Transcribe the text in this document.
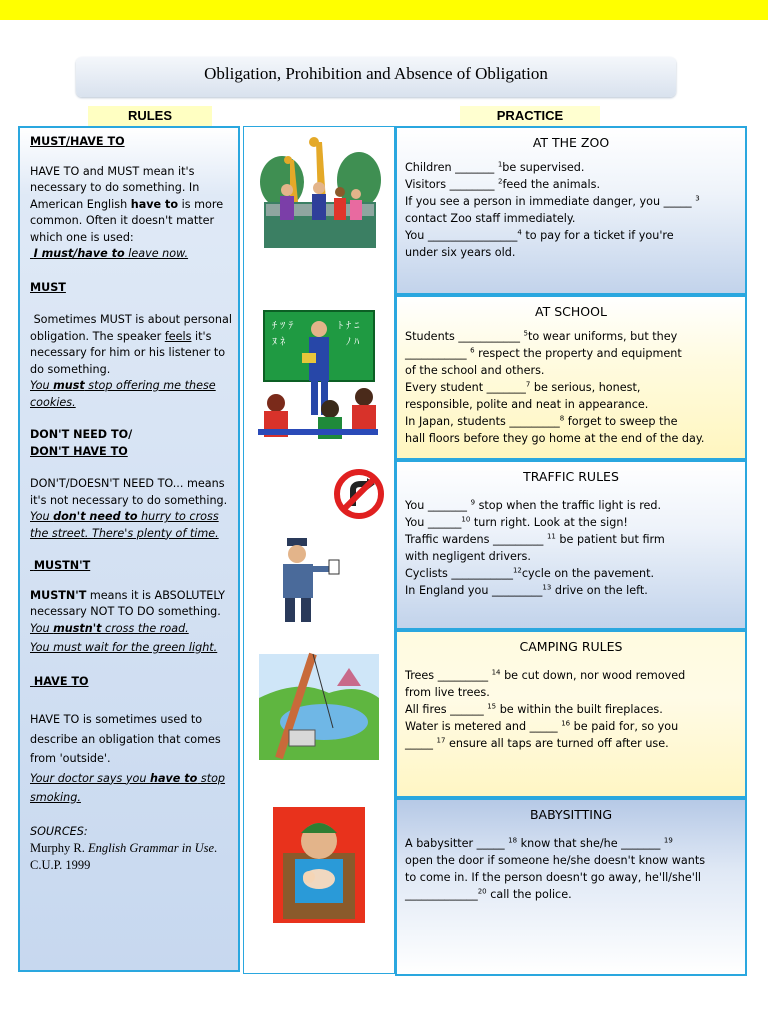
Obligation, Prohibition and Absence of Obligation
RULES	PRACTICE

MUST/HAVE TO

HAVE TO and MUST mean it's necessary to do something. In American English have to is more common. Often it doesn't matter which one is used:

I must/have to leave now.

MUST

Sometimes MUST is about personal obligation. The speaker feels it's necessary for him or his listener to do something.

You must stop offering me these cookies.

DON'T NEED TO/

DON'T HAVE TO

DON'T/DOESN'T NEED TO... means it's not necessary to do something.

You don't need to hurry to cross the street. There's plenty of time.

MUSTN'T

MUSTN'T means it is ABSOLUTELY necessary NOT TO DO something.

You mustn't cross the road.

You must wait for the green light.

HAVE TO

HAVE TO is sometimes used to describe an obligation that comes from 'outside'.

Your doctor says you have to stop smoking.

SOURCES:

Murphy R. English Grammar in Use. C.U.P. 1999

ﾁ ﾂ ﾃ	ﾄ ﾅ ﾆ
ﾇ ﾈ	ﾉ ﾊ
AT THE ZOO
Children _______ $^1$be supervised.
Visitors ________ $^2$feed the animals.
If you see a person in immediate danger, you _____ $^3$
contact Zoo staff immediately.
You ________________$^4$ to pay for a ticket if you're
under six years old.
AT SCHOOL
Students ___________ $^5$to wear uniforms, but they
___________ $^6$ respect the property and equipment
of the school and others.
Every student _______$^7$ be serious, honest,
responsible, polite and neat in appearance.
In Japan, students _________$^8$ forget to sweep the
hall floors before they go home at the end of the day.
TRAFFIC RULES
You _______ $^9$ stop when the traffic light is red.
You ______$^{10}$ turn right. Look at the sign!
Traffic wardens _________ $^{11}$ be patient but firm
with negligent drivers.
Cyclists ___________$^{12}$cycle on the pavement.
In England you _________$^{13}$ drive on the left.
CAMPING RULES
Trees _________ $^{14}$ be cut down, nor wood removed
from live trees.
All fires ______ $^{15}$ be within the built fireplaces.
Water is metered and _____ $^{16}$ be paid for, so you
_____ $^{17}$ ensure all taps are turned off after use.
BABYSITTING
A babysitter _____ $^{18}$ know that she/he _______ $^{19}$
open the door if someone he/she doesn't know wants
to come in. If the person doesn't go away, he'll/she'll
_____________$^{20}$ call the police.
